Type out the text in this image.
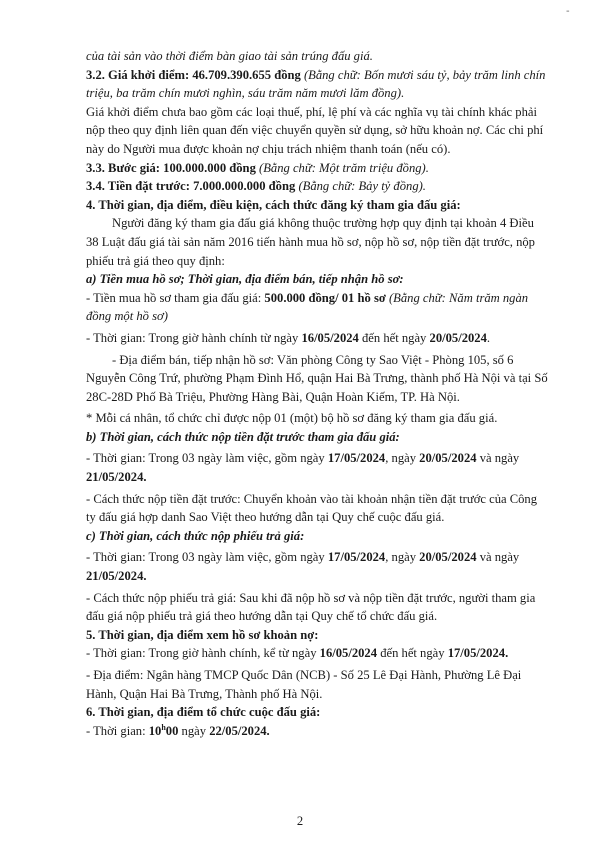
-

của tài sản vào thời điểm bàn giao tài sản trúng đấu giá.

3.2. Giá khởi điểm: 46.709.390.655 đồng (Bằng chữ: Bốn mươi sáu tỷ, bảy trăm linh chín triệu, ba trăm chín mươi nghìn, sáu trăm năm mươi lăm đồng).

Giá khởi điểm chưa bao gồm các loại thuế, phí, lệ phí và các nghĩa vụ tài chính khác phải nộp theo quy định liên quan đến việc chuyển quyền sử dụng, sở hữu khoản nợ. Các chi phí này do Người mua được khoản nợ chịu trách nhiệm thanh toán (nếu có).

3.3. Bước giá: 100.000.000 đồng (Bằng chữ: Một trăm triệu đồng).

3.4. Tiền đặt trước: 7.000.000.000 đồng (Bằng chữ: Bảy tỷ đồng).

4. Thời gian, địa điểm, điều kiện, cách thức đăng ký tham gia đấu giá:

Người đăng ký tham gia đấu giá không thuộc trường hợp quy định tại khoản 4 Điều 38 Luật đấu giá tài sản năm 2016 tiến hành mua hồ sơ, nộp hồ sơ, nộp tiền đặt trước, nộp phiếu trả giá theo quy định:

a) Tiền mua hồ sơ; Thời gian, địa điểm bán, tiếp nhận hồ sơ:

- Tiền mua hồ sơ tham gia đấu giá: 500.000 đồng/ 01 hồ sơ (Bằng chữ: Năm trăm ngàn đồng một hồ sơ)

- Thời gian: Trong giờ hành chính từ ngày 16/05/2024 đến hết ngày 20/05/2024.

- Địa điểm bán, tiếp nhận hồ sơ: Văn phòng Công ty Sao Việt - Phòng 105, số 6 Nguyễn Công Trứ, phường Phạm Đình Hổ, quận Hai Bà Trưng, thành phố Hà Nội và tại Số 28C-28D Phố Bà Triệu, Phường Hàng Bài, Quận Hoàn Kiếm, TP. Hà Nội.

* Mỗi cá nhân, tổ chức chỉ được nộp 01 (một) bộ hồ sơ đăng ký tham gia đấu giá.

b) Thời gian, cách thức nộp tiền đặt trước tham gia đấu giá:

- Thời gian: Trong 03 ngày làm việc, gồm ngày 17/05/2024, ngày 20/05/2024 và ngày 21/05/2024.

- Cách thức nộp tiền đặt trước: Chuyển khoản vào tài khoản nhận tiền đặt trước của Công ty đấu giá hợp danh Sao Việt theo hướng dẫn tại Quy chế cuộc đấu giá.

c) Thời gian, cách thức nộp phiếu trả giá:

- Thời gian: Trong 03 ngày làm việc, gồm ngày 17/05/2024, ngày 20/05/2024 và ngày 21/05/2024.

- Cách thức nộp phiếu trả giá: Sau khi đã nộp hồ sơ và nộp tiền đặt trước, người tham gia đấu giá nộp phiếu trả giá theo hướng dẫn tại Quy chế tổ chức đấu giá.

5. Thời gian, địa điểm xem hồ sơ khoản nợ:

- Thời gian: Trong giờ hành chính, kể từ ngày 16/05/2024 đến hết ngày 17/05/2024.

- Địa điểm: Ngân hàng TMCP Quốc Dân (NCB) - Số 25 Lê Đại Hành, Phường Lê Đại Hành, Quận Hai Bà Trưng, Thành phố Hà Nội.

6. Thời gian, địa điểm tổ chức cuộc đấu giá:

- Thời gian: 10$^h$00 ngày 22/05/2024.

2
